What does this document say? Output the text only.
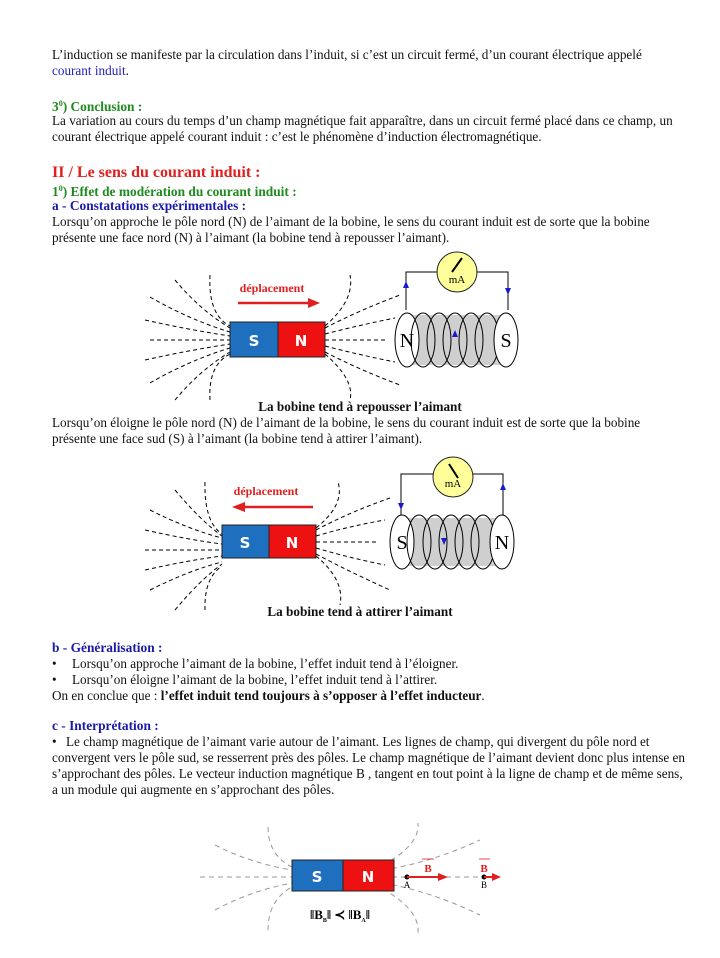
L’induction se manifeste par la circulation dans l’induit, si c’est un circuit fermé, d’un courant électrique appelé courant induit.

$3^0$) Conclusion :

La variation au cours du temps d’un champ magnétique fait apparaître, dans un circuit fermé placé dans ce champ, un courant électrique appelé courant induit : c’est le phénomène d’induction électromagnétique.

II / Le sens du courant induit :
$1^0$) Effet de modération du courant induit :
a - Constatations expérimentales :

Lorsqu’on approche le pôle nord (N) de l’aimant de la bobine, le sens du courant induit est de sorte que la bobine présente une face nord (N) à l’aimant (la bobine tend à repousser l’aimant).

S N
déplacement
mA
N	S
La bobine tend à repousser l’aimant

Lorsqu’on éloigne le pôle nord (N) de l’aimant de la bobine, le sens du courant induit est de sorte que la bobine présente une face sud (S) à l’aimant (la bobine tend à attirer l’aimant).

S N
déplacement	mA
S	N
La bobine tend à attirer l’aimant
b - Généralisation :
• Lorsqu’on approche l’aimant de la bobine, l’effet induit tend à l’éloigner.
• Lorsqu’on éloigne l’aimant de la bobine, l’effet induit tend à l’attirer.

On en conclue que : l’effet induit tend toujours à s’opposer à l’effet inducteur.

c - Interprétation :

• Le champ magnétique de l’aimant varie autour de l’aimant. Les lignes de champ, qui divergent du pôle nord et convergent vers le pôle sud, se resserrent près des pôles. Le champ magnétique de l’aimant devient donc plus intense en s’approchant des pôles. Le vecteur induction magnétique B , tangent en tout point à la ligne de champ et de même sens, a un module qui augmente en s’approchant des pôles.

S	N	A
B
B
B
$‖B_B‖$ ≺ $‖B_A‖$
